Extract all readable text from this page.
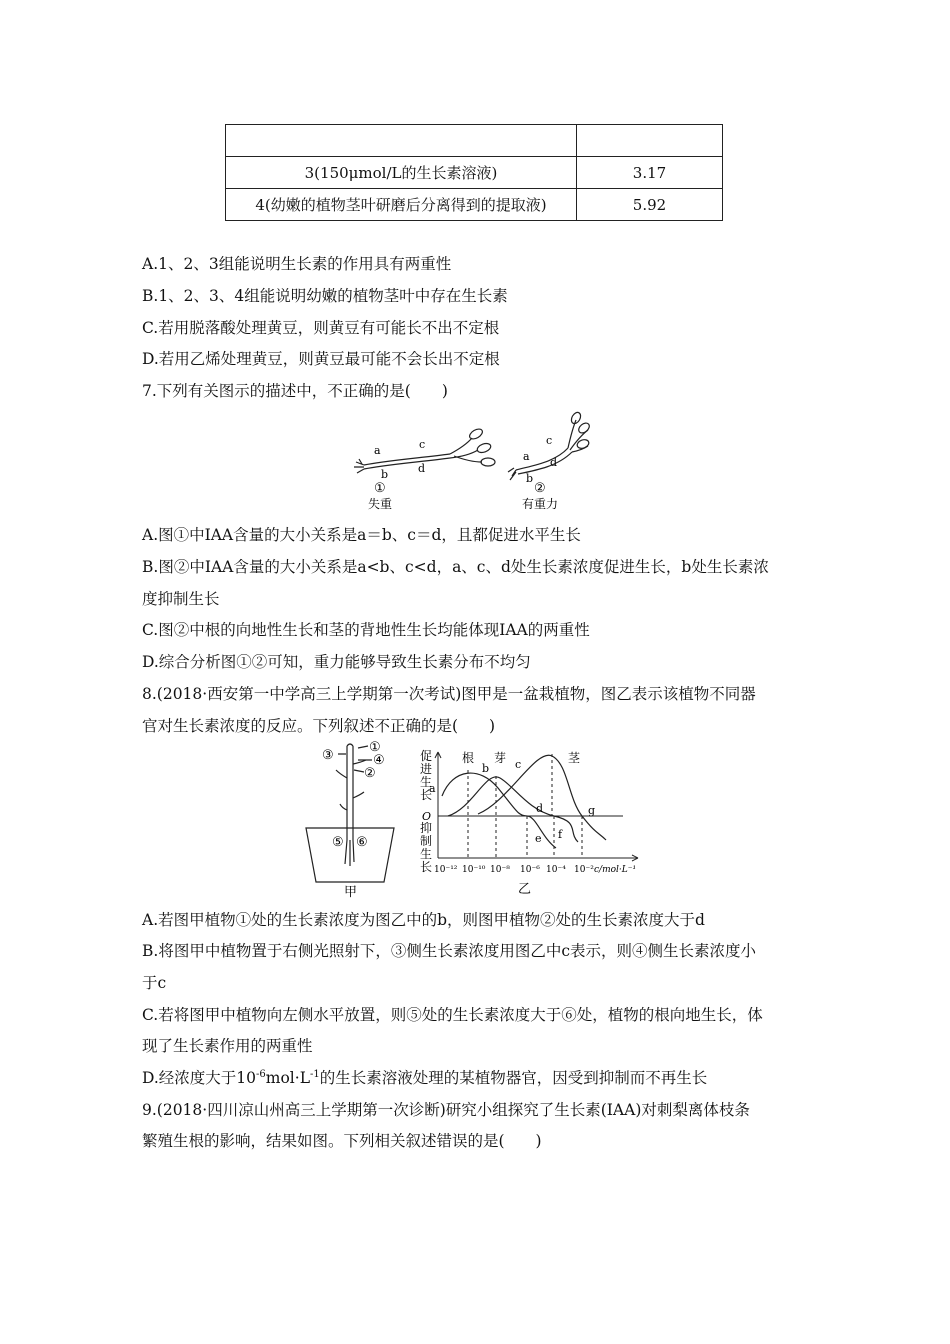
3(150μmol/L的生长素溶液)	3.17
4(幼嫩的植物茎叶研磨后分离得到的提取液)	5.92
A.1、2、3组能说明生长素的作用具有两重性
B.1、2、3、4组能说明幼嫩的植物茎叶中存在生长素
C.若用脱落酸处理黄豆，则黄豆有可能长不出不定根
D.若用乙烯处理黄豆，则黄豆最可能不会长出不定根
7.下列有关图示的描述中，不正确的是(　　)
a
b
c
d
①
失重
a
b
c
d
②
有重力
A.图①中IAA含量的大小关系是a＝b、c＝d，且都促进水平生长
B.图②中IAA含量的大小关系是a<b、c<d，a、c、d处生长素浓度促进生长，b处生长素浓
度抑制生长
C.图②中根的向地性生长和茎的背地性生长均能体现IAA的两重性
D.综合分析图①②可知，重力能够导致生长素分布不均匀
8.(2018·西安第一中学高三上学期第一次考试)图甲是一盆栽植物，图乙表示该植物不同器
官对生长素浓度的反应。下列叙述不正确的是(　　)
①
④
③
②
⑤ ⑥
甲
促
进
生
长
抑
制
生
长
O
a
b c
d
e f
g
根 芽	茎
10⁻¹² 10⁻¹⁰ 10⁻⁸ 10⁻⁶ 10⁻⁴ 10⁻² c/mol·L⁻¹
乙
A.若图甲植物①处的生长素浓度为图乙中的b，则图甲植物②处的生长素浓度大于d
B.将图甲中植物置于右侧光照射下，③侧生长素浓度用图乙中c表示，则④侧生长素浓度小
于c
C.若将图甲中植物向左侧水平放置，则⑤处的生长素浓度大于⑥处，植物的根向地生长，体
现了生长素作用的两重性
D.经浓度大于$10^{-6}mol\cdot L^{-1}$的生长素溶液处理的某植物器官，因受到抑制而不再生长
9.(2018·四川凉山州高三上学期第一次诊断)研究小组探究了生长素(IAA)对刺梨离体枝条
繁殖生根的影响，结果如图。下列相关叙述错误的是(　　)
